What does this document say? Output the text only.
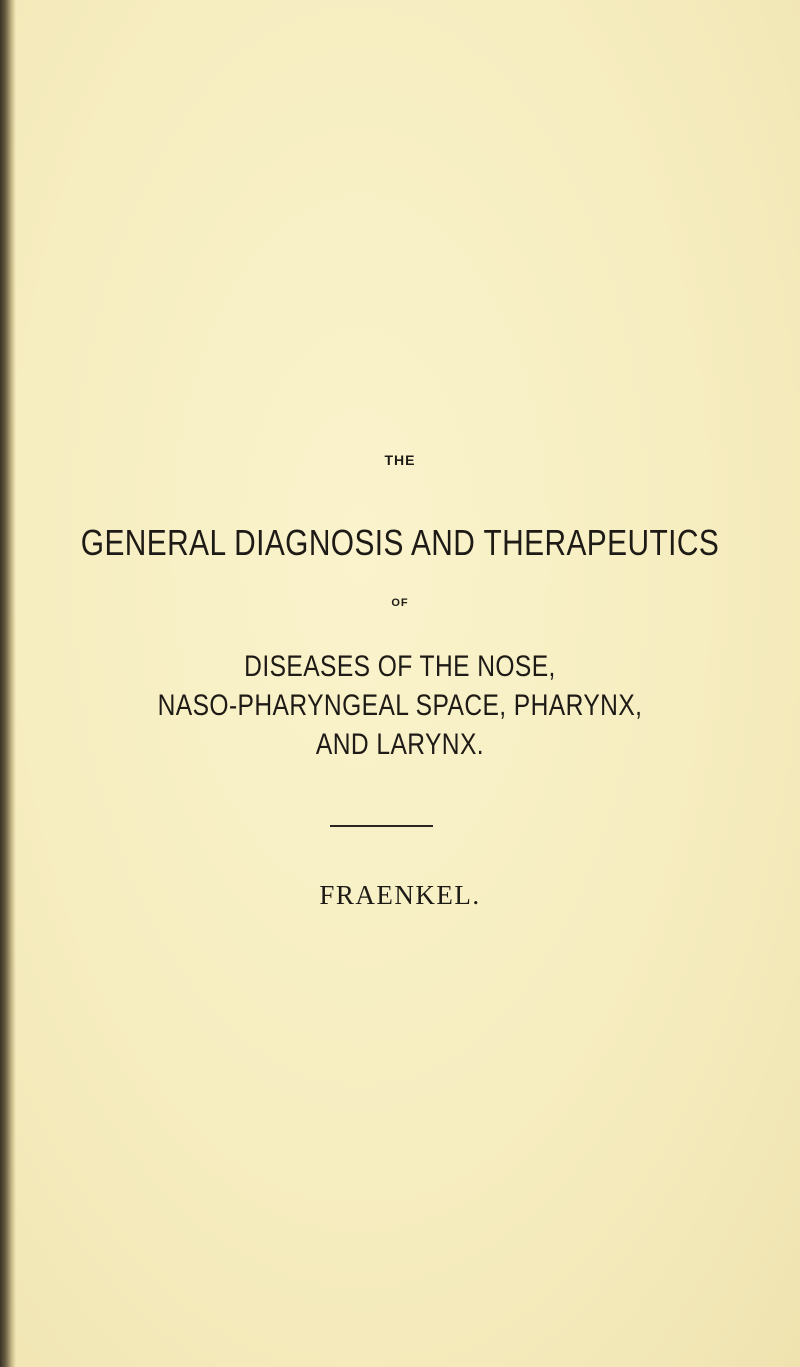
THE
GENERAL DIAGNOSIS AND THERAPEUTICS
OF
DISEASES OF THE NOSE,
NASO-PHARYNGEAL SPACE, PHARYNX,
AND LARYNX.
FRAENKEL.
